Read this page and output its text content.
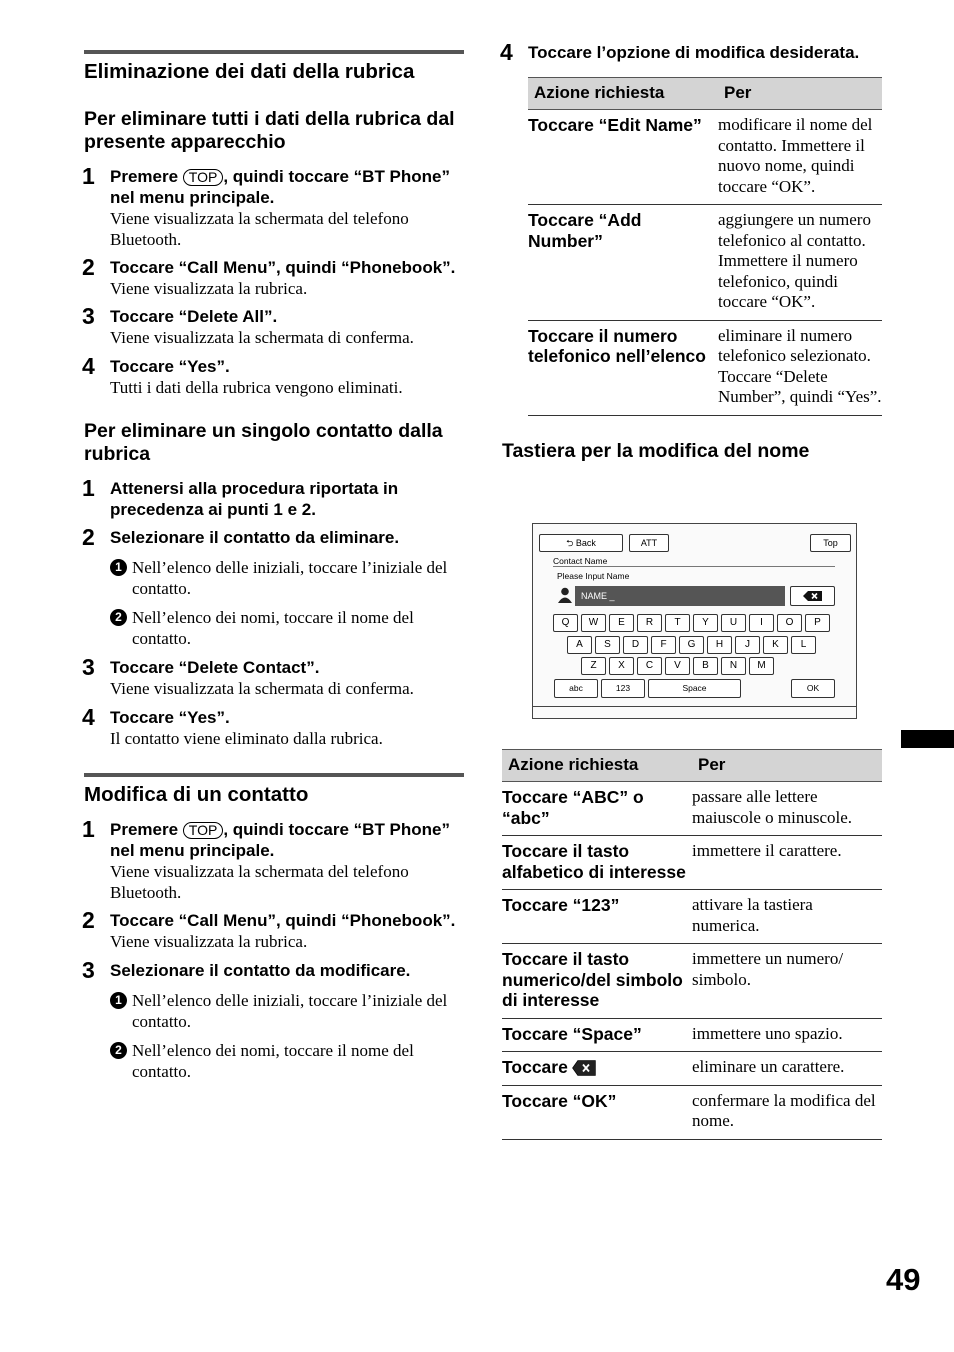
Eliminazione dei dati della rubrica
Per eliminare tutti i dati della rubrica dal presente apparecchio
1 Premere TOP , quindi toccare “BT Phone” nel menu principale.
Viene visualizzata la schermata del telefono Bluetooth.
2 Toccare “Call Menu”, quindi “Phonebook”.
Viene visualizzata la rubrica.
3 Toccare “Delete All”.
Viene visualizzata la schermata di conferma.
4 Toccare “Yes”.
Tutti i dati della rubrica vengono eliminati.
Per eliminare un singolo contatto dalla rubrica
1 Attenersi alla procedura riportata in precedenza ai punti 1 e 2.
2 Selezionare il contatto da eliminare.
1 Nell’elenco delle iniziali, toccare l’iniziale del contatto.
2 Nell’elenco dei nomi, toccare il nome del contatto.
3 Toccare “Delete Contact”.
Viene visualizzata la schermata di conferma.
4 Toccare “Yes”.
Il contatto viene eliminato dalla rubrica.
Modifica di un contatto
1 Premere TOP , quindi toccare “BT Phone” nel menu principale.
Viene visualizzata la schermata del telefono Bluetooth.
2 Toccare “Call Menu”, quindi “Phonebook”.
Viene visualizzata la rubrica.
3 Selezionare il contatto da modificare.
1 Nell’elenco delle iniziali, toccare l’iniziale del contatto.
2 Nell’elenco dei nomi, toccare il nome del contatto.
4 Toccare l’opzione di modifica desiderata.
Azione richiesta	Per
Toccare “Edit Name”	modificare il nome del contatto. Immettere il nuovo nome, quindi toccare “OK”.
Toccare “Add Number”	aggiungere un numero telefonico al contatto. Immettere il numero telefonico, quindi toccare “OK”.
Toccare il numero telefonico nell’elenco	eliminare il numero telefonico selezionato. Toccare “Delete Number”, quindi “Yes”.
Tastiera per la modifica del nome
⮌ Back	ATT	Top
Contact Name
Please Input Name
NAME _
Q	W	E	R	T	Y	U	I	O	P
A	S	D	F	G	H	J	K	L
Z	X	C	V	B	N	M
abc	123	Space	OK
Azione richiesta	Per
Toccare “ABC” o “abc”	passare alle lettere maiuscole o minuscole.
Toccare il tasto alfabetico di interesse	immettere il carattere.
Toccare “123”	attivare la tastiera numerica.
Toccare il tasto numerico/del simbolo di interesse	immettere un numero/ simbolo.
Toccare “Space”	immettere uno spazio.
Toccare	eliminare un carattere.
Toccare “OK”	confermare la modifica del nome.
49
